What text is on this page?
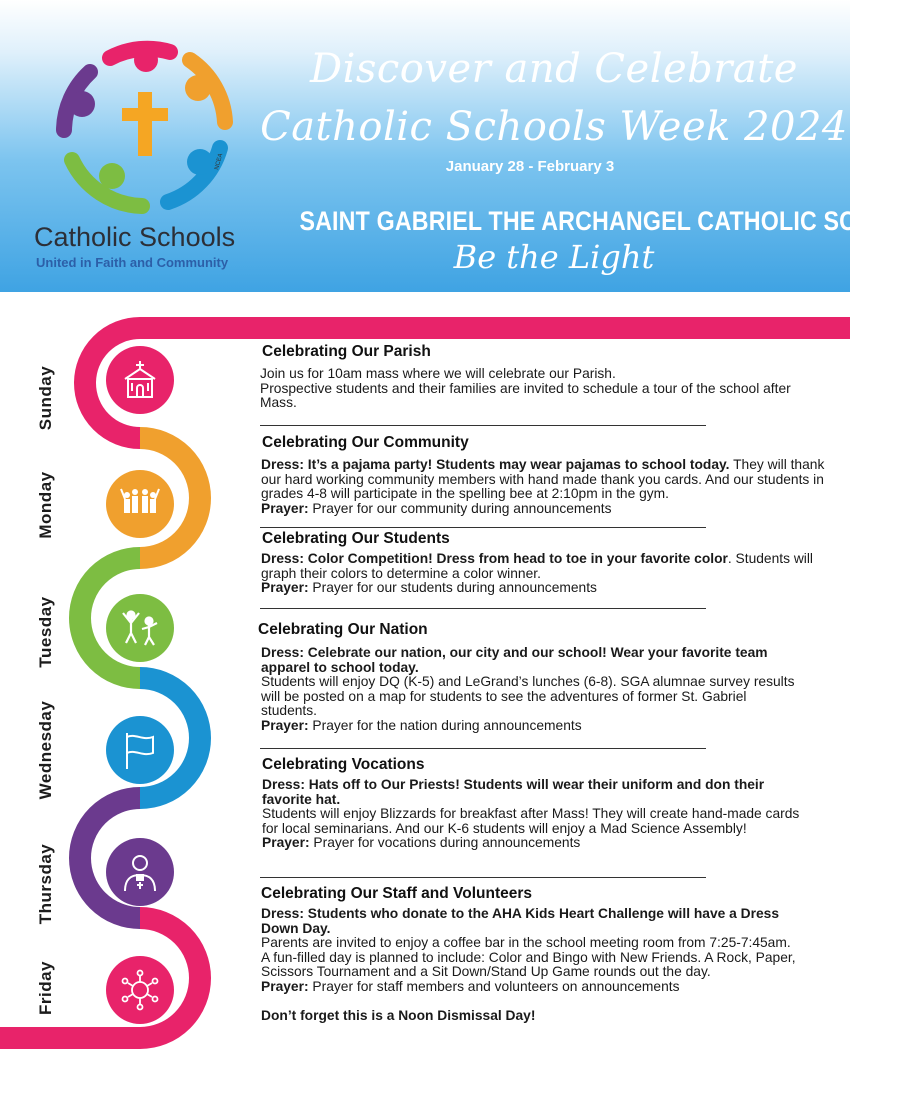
NCEA
Catholic Schools
United in Faith and Community
Discover and Celebrate
Catholic Schools Week 2024
January 28 - February 3
SAINT GABRIEL THE ARCHANGEL CATHOLIC SCHOOL
Be the Light
Sunday
Monday
Tuesday
Wednesday
Thursday
Friday
Celebrating Our Parish

Join us for 10am mass where we will celebrate our Parish.

Prospective students and their families are invited to schedule a tour of the school after Mass.

Celebrating Our Community

Dress: It’s a pajama party! Students may wear pajamas to school today. They will thank our hard working community members with hand made thank you cards. And our students in grades 4-8 will participate in the spelling bee at 2:10pm in the gym.

Prayer: Prayer for our community during announcements

Celebrating Our Students

Dress: Color Competition! Dress from head to toe in your favorite color. Students will graph their colors to determine a color winner.

Prayer: Prayer for our students during announcements

Celebrating Our Nation

Dress: Celebrate our nation, our city and our school! Wear your favorite team apparel to school today.

Students will enjoy DQ (K-5) and LeGrand’s lunches (6-8). SGA alumnae survey results will be posted on a map for students to see the adventures of former St. Gabriel students.

Prayer: Prayer for the nation during announcements

Celebrating Vocations

Dress: Hats off to Our Priests! Students will wear their uniform and don their favorite hat.

Students will enjoy Blizzards for breakfast after Mass! They will create hand-made cards for local seminarians. And our K-6 students will enjoy a Mad Science Assembly!

Prayer: Prayer for vocations during announcements

Celebrating Our Staff and Volunteers

Dress: Students who donate to the AHA Kids Heart Challenge will have a Dress Down Day.

Parents are invited to enjoy a coffee bar in the school meeting room from 7:25-7:45am.

A fun-filled day is planned to include: Color and Bingo with New Friends. A Rock, Paper, Scissors Tournament and a Sit Down/Stand Up Game rounds out the day.

Prayer: Prayer for staff members and volunteers on announcements

Don’t forget this is a Noon Dismissal Day!
